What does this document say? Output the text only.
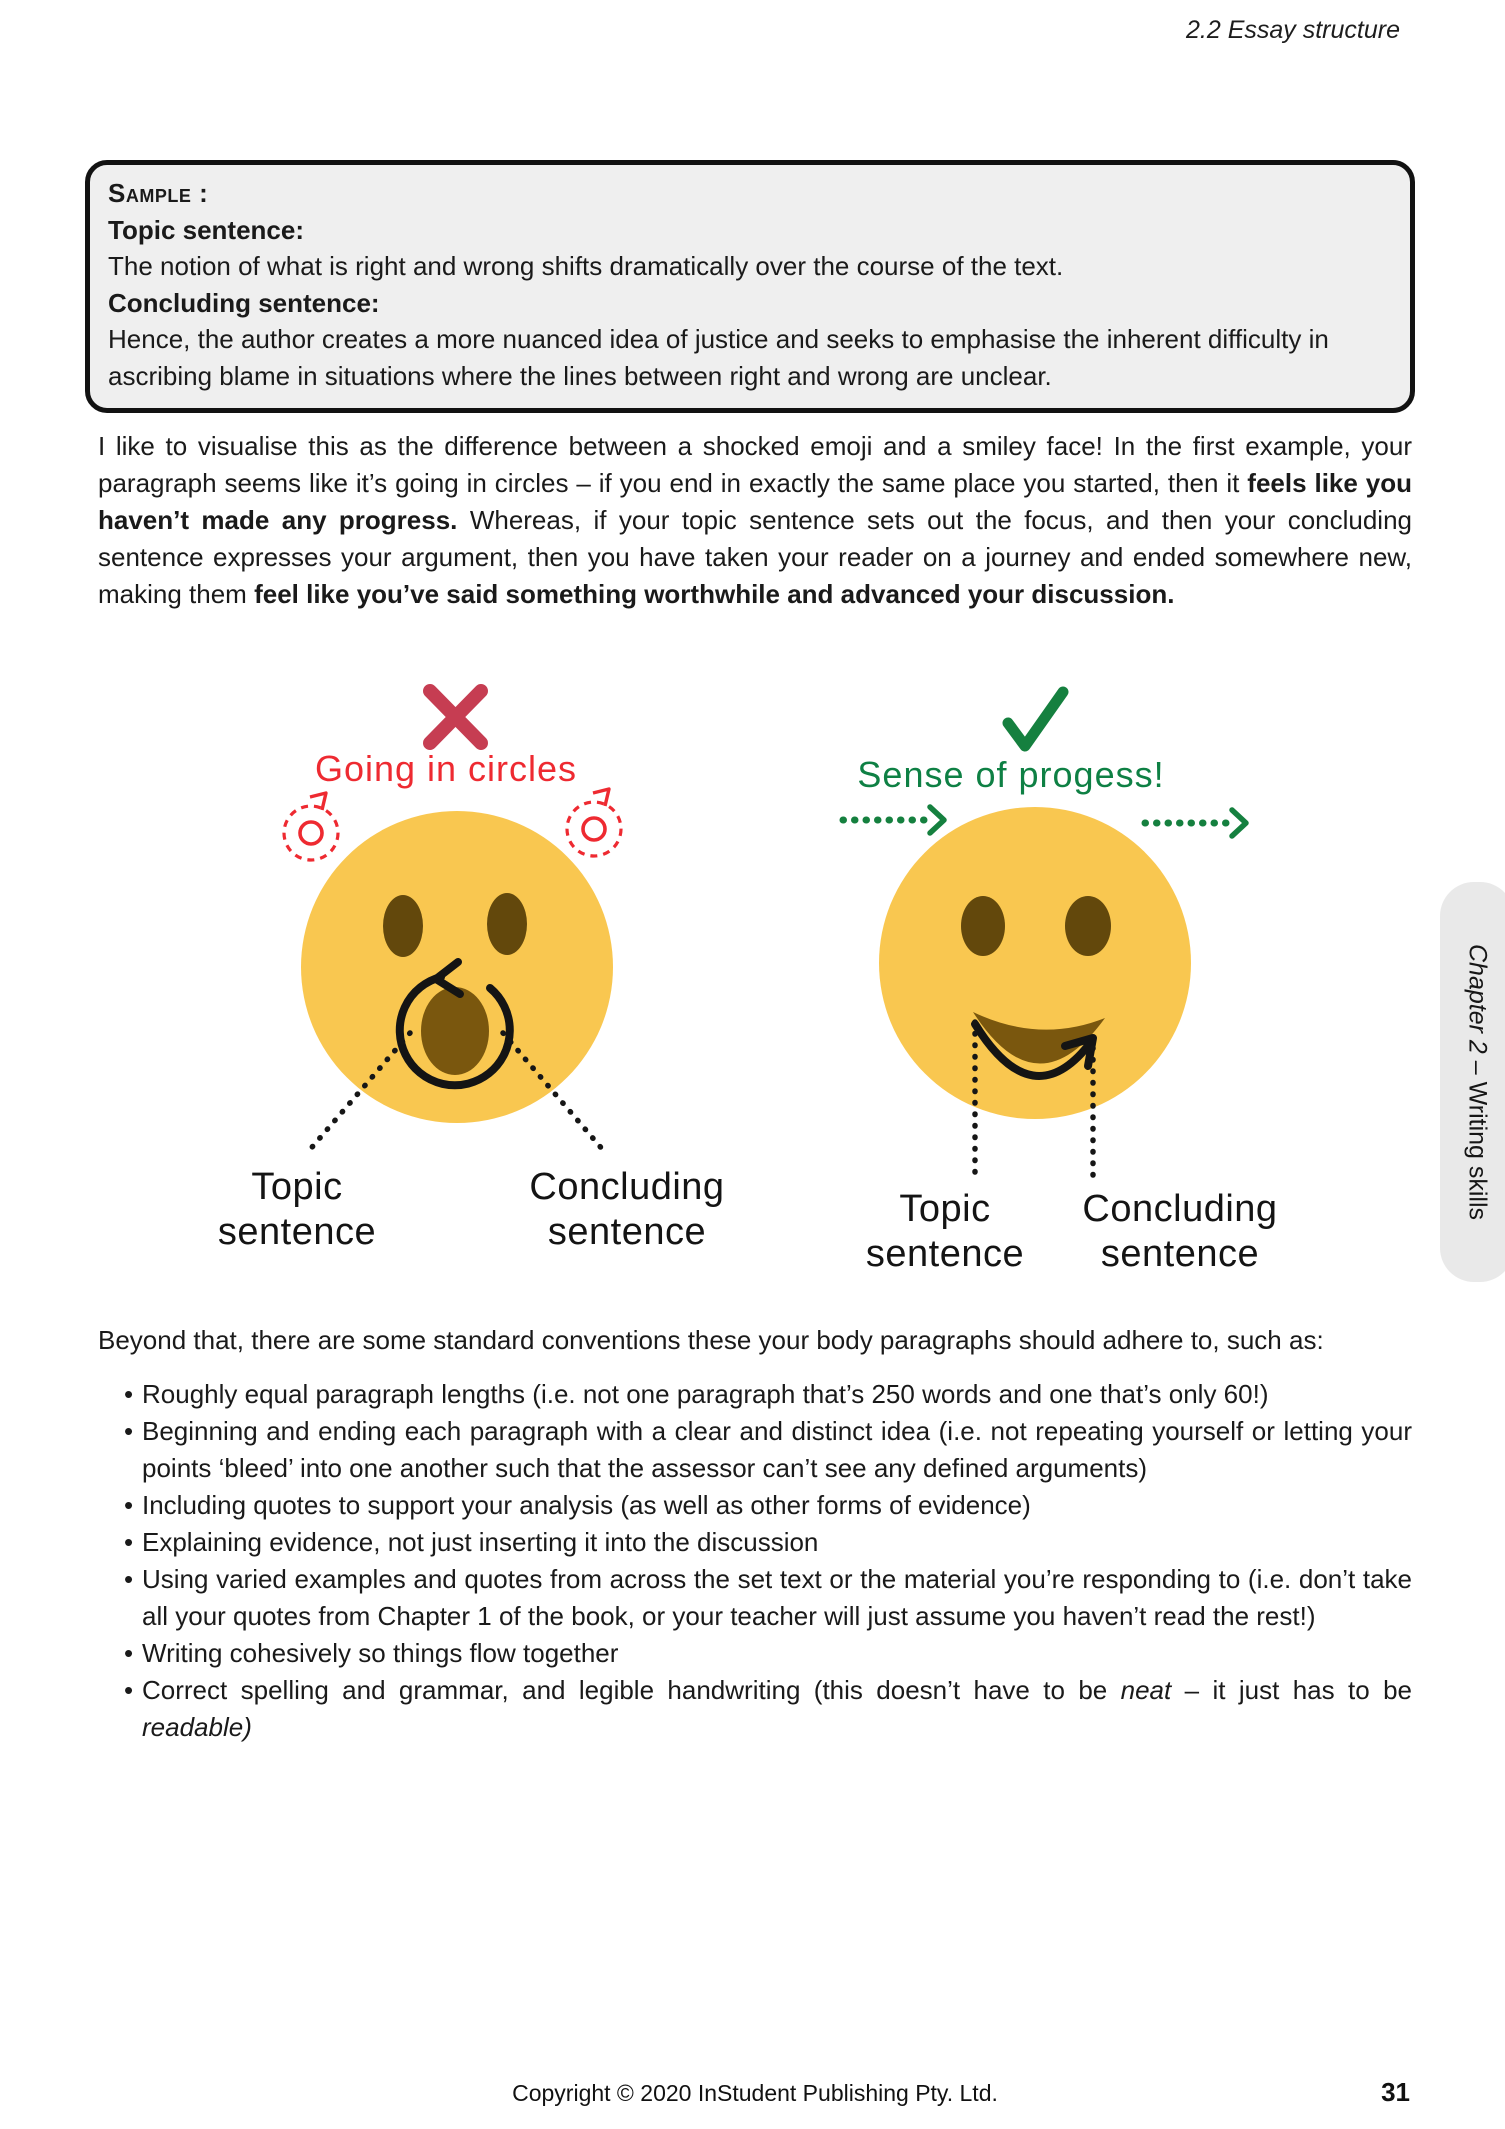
2.2 Essay structure
Sample :
Topic sentence:
The notion of what is right and wrong shifts dramatically over the course of the text.
Concluding sentence:
Hence, the author creates a more nuanced idea of justice and seeks to emphasise the inherent difficulty in ascribing blame in situations where the lines between right and wrong are unclear.

I like to visualise this as the difference between a shocked emoji and a smiley face! In the first example, your paragraph seems like it’s going in circles – if you end in exactly the same place you started, then it feels like you haven’t made any progress. Whereas, if your topic sentence sets out the focus, and then your concluding sentence expresses your argument, then you have taken your reader on a journey and ended somewhere new, making them feel like you’ve said something worthwhile and advanced your discussion.

Going in circles	Sense of progess!
Topic sentence
Concluding sentence
Topic sentence
Concluding sentence

Beyond that, there are some standard conventions these your body paragraphs should adhere to, such as:

• Roughly equal paragraph lengths (i.e. not one paragraph that’s 250 words and one that’s only 60!)
• Beginning and ending each paragraph with a clear and distinct idea (i.e. not repeating yourself or letting your points ‘bleed’ into one another such that the assessor can’t see any defined arguments)
• Including quotes to support your analysis (as well as other forms of evidence)
• Explaining evidence, not just inserting it into the discussion
• Using varied examples and quotes from across the set text or the material you’re responding to (i.e. don’t take all your quotes from Chapter 1 of the book, or your teacher will just assume you haven’t read the rest!)
• Writing cohesively so things flow together
• Correct spelling and grammar, and legible handwriting (this doesn’t have to be neat – it just has to be readable)
Chapter 2 – Writing skills
Copyright © 2020 InStudent Publishing Pty. Ltd.	31
